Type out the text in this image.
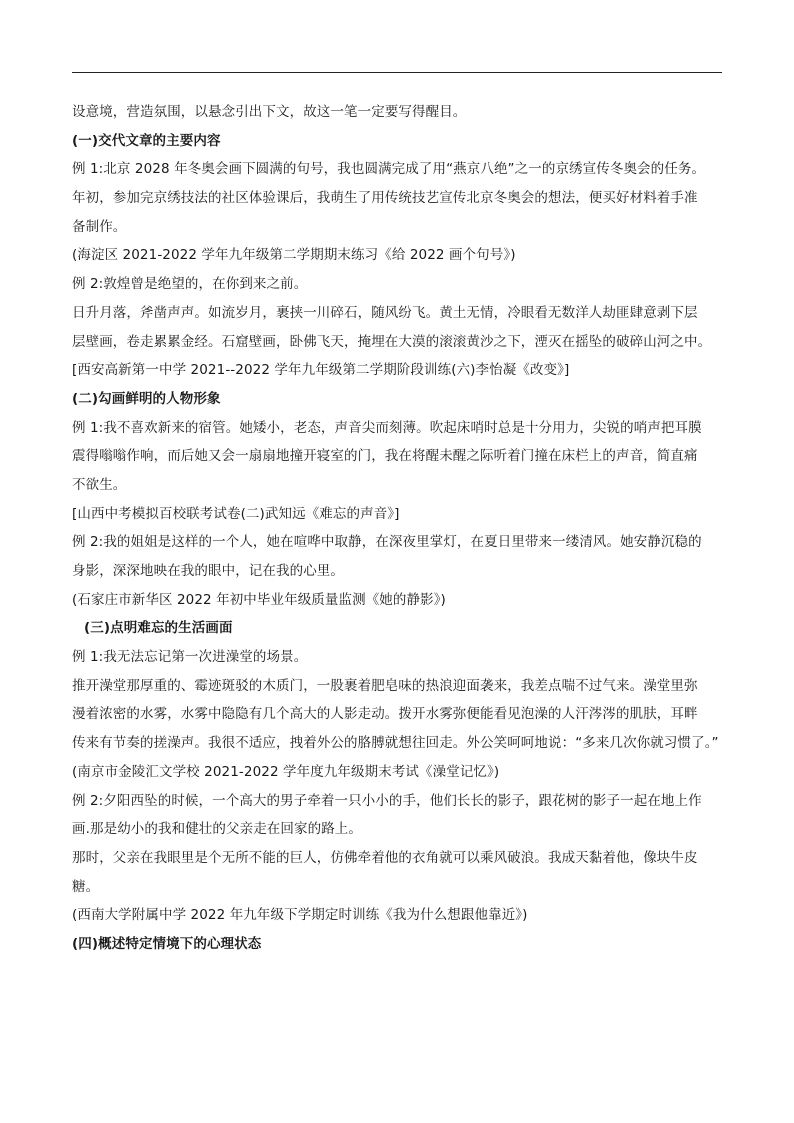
设意境，营造氛围，以悬念引出下文，故这一笔一定要写得醒目。
(一)交代文章的主要内容
例 1:北京 2028 年冬奥会画下圆满的句号，我也圆满完成了用“燕京八绝”之一的京绣宣传冬奥会的任务。
年初，参加完京绣技法的社区体验课后，我萌生了用传统技艺宣传北京冬奥会的想法，便买好材料着手准
备制作。
(海淀区 2021-2022 学年九年级第二学期期末练习《给 2022 画个句号》)
例 2:敦煌曾是绝望的，在你到来之前。
日升月落，斧凿声声。如流岁月，裹挟一川碎石，随风纷飞。黄土无情，冷眼看无数洋人劫匪肆意剥下层
层壁画，卷走累累金经。石窟壁画，卧佛飞天，掩埋在大漠的滚滚黄沙之下，湮灭在摇坠的破碎山河之中。
[西安高新第一中学 2021--2022 学年九年级第二学期阶段训练(六)李怡凝《改变》]
(二)勾画鲜明的人物形象
例 1:我不喜欢新来的宿管。她矮小，老态，声音尖而刻薄。吹起床哨时总是十分用力，尖锐的哨声把耳膜
震得嗡嗡作响，而后她又会一扇扇地撞开寝室的门，我在将醒未醒之际听着门撞在床栏上的声音，简直痛
不欲生。
[山西中考模拟百校联考试卷(二)武知远《难忘的声音》]
例 2:我的姐姐是这样的一个人，她在喧哗中取静，在深夜里掌灯，在夏日里带来一缕清风。她安静沉稳的
身影，深深地映在我的眼中，记在我的心里。
(石家庄市新华区 2022 年初中毕业年级质量监测《她的静影》)
(三)点明难忘的生活画面
例 1:我无法忘记第一次进澡堂的场景。
推开澡堂那厚重的、霉迹斑驳的木质门，一股裹着肥皂味的热浪迎面袭来，我差点喘不过气来。澡堂里弥
漫着浓密的水雾，水雾中隐隐有几个高大的人影走动。拨开水雾弥便能看见泡澡的人汗涔涔的肌肤，耳畔
传来有节奏的搓澡声。我很不适应，拽着外公的胳膊就想往回走。外公笑呵呵地说：“多来几次你就习惯了。”
(南京市金陵汇文学校 2021-2022 学年度九年级期末考试《澡堂记忆》)
例 2:夕阳西坠的时候，一个高大的男子牵着一只小小的手，他们长长的影子，跟花树的影子一起在地上作
画.那是幼小的我和健壮的父亲走在回家的路上。
那时，父亲在我眼里是个无所不能的巨人，仿佛牵着他的衣角就可以乘风破浪。我成天黏着他，像块牛皮
糖。
(西南大学附属中学 2022 年九年级下学期定时训练《我为什么想跟他靠近》)
(四)概述特定情境下的心理状态
